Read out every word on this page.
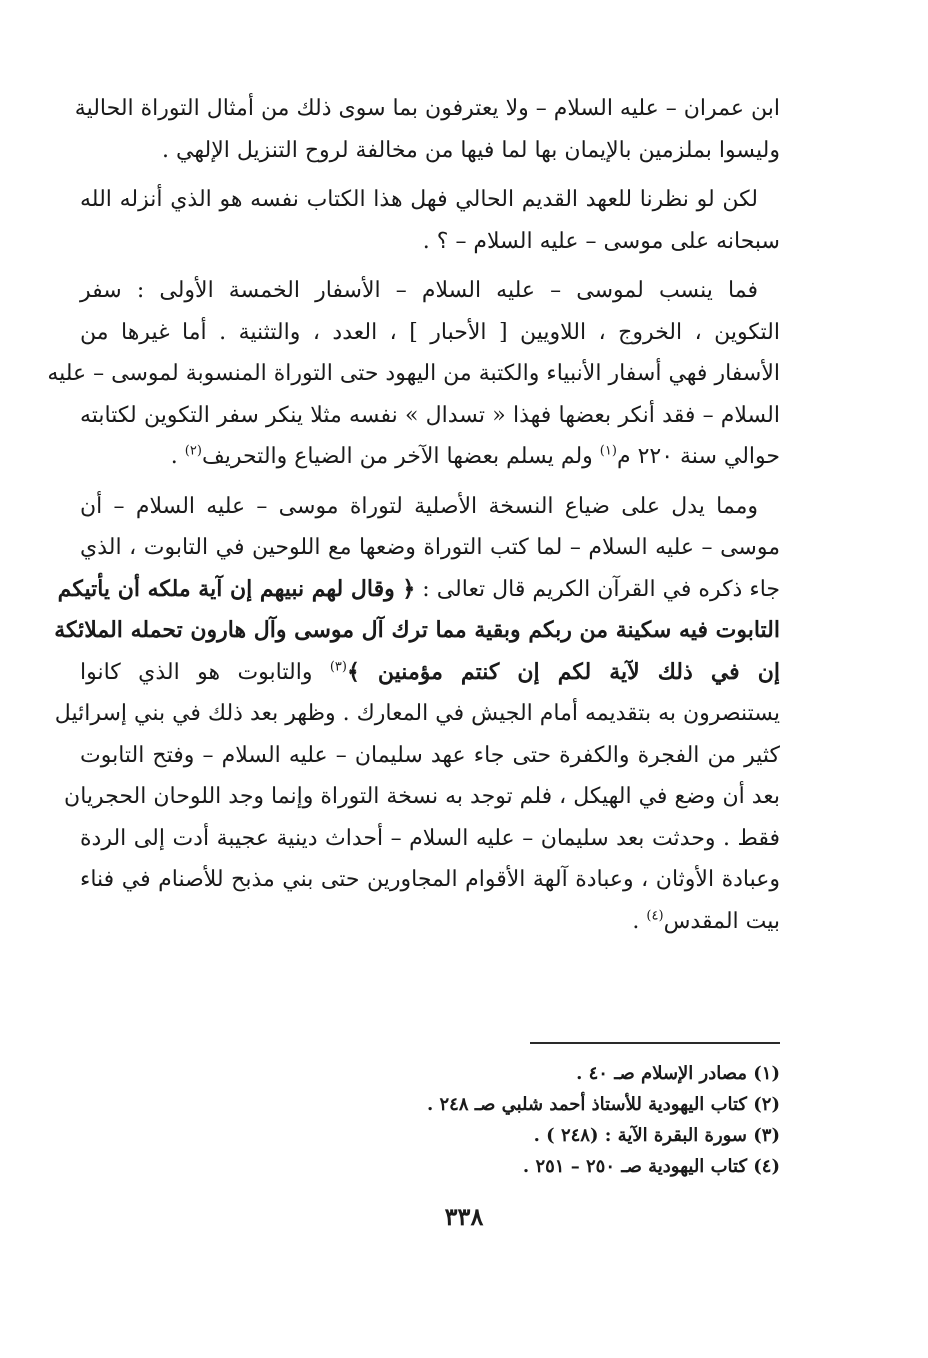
ابن عمران – عليه السلام – ولا يعترفون بما سوى ذلك من أمثال التوراة الحالية
وليسوا بملزمين بالإيمان بها لما فيها من مخالفة لروح التنزيل الإلهي .

لكن لو نظرنا للعهد القديم الحالي فهل هذا الكتاب نفسه هو الذي أنزله الله
سبحانه على موسى – عليه السلام – ؟ .

فما ينسب لموسى – عليه السلام – الأسفار الخمسة الأولى : سفر
التكوين ، الخروج ، اللاويين [ الأحبار ] ، العدد ، والتثنية . أما غيرها من
الأسفار فهي أسفار الأنبياء والكتبة من اليهود حتى التوراة المنسوبة لموسى – عليه
السلام – فقد أنكر بعضها فهذا « تسدال » نفسه مثلا ينكر سفر التكوين لكتابته
حوالي سنة ٢٢٠ م$^{(١)}$ ولم يسلم بعضها الآخر من الضياع والتحريف$^{(٢)}$ .

ومما يدل على ضياع النسخة الأصلية لتوراة موسى – عليه السلام – أن
موسى – عليه السلام – لما كتب التوراة وضعها مع اللوحين في التابوت ، الذي
جاء ذكره في القرآن الكريم قال تعالى : ﴿ وقال لهم نبيهم إن آية ملكه أن يأتيكم
التابوت فيه سكينة من ربكم وبقية مما ترك آل موسى وآل هارون تحمله الملائكة
إن في ذلك لآية لكم إن كنتم مؤمنين ﴾$^{(٣)}$ والتابوت هو الذي كانوا
يستنصرون به بتقديمه أمام الجيش في المعارك . وظهر بعد ذلك في بني إسرائيل
كثير من الفجرة والكفرة حتى جاء عهد سليمان – عليه السلام – وفتح التابوت
بعد أن وضع في الهيكل ، فلم توجد به نسخة التوراة وإنما وجد اللوحان الحجريان
فقط . وحدثت بعد سليمان – عليه السلام – أحداث دينية عجيبة أدت إلى الردة
وعبادة الأوثان ، وعبادة آلهة الأقوام المجاورين حتى بني مذبح للأصنام في فناء
بيت المقدس$^{(٤)}$ .

(١) مصادر الإسلام صـ ٤٠ .
(٢) كتاب اليهودية للأستاذ أحمد شلبي صـ ٢٤٨ .
(٣) سورة البقرة الآية : (٢٤٨ ) .
(٤) كتاب اليهودية صـ ٢٥٠ – ٢٥١ .
٣٣٨
